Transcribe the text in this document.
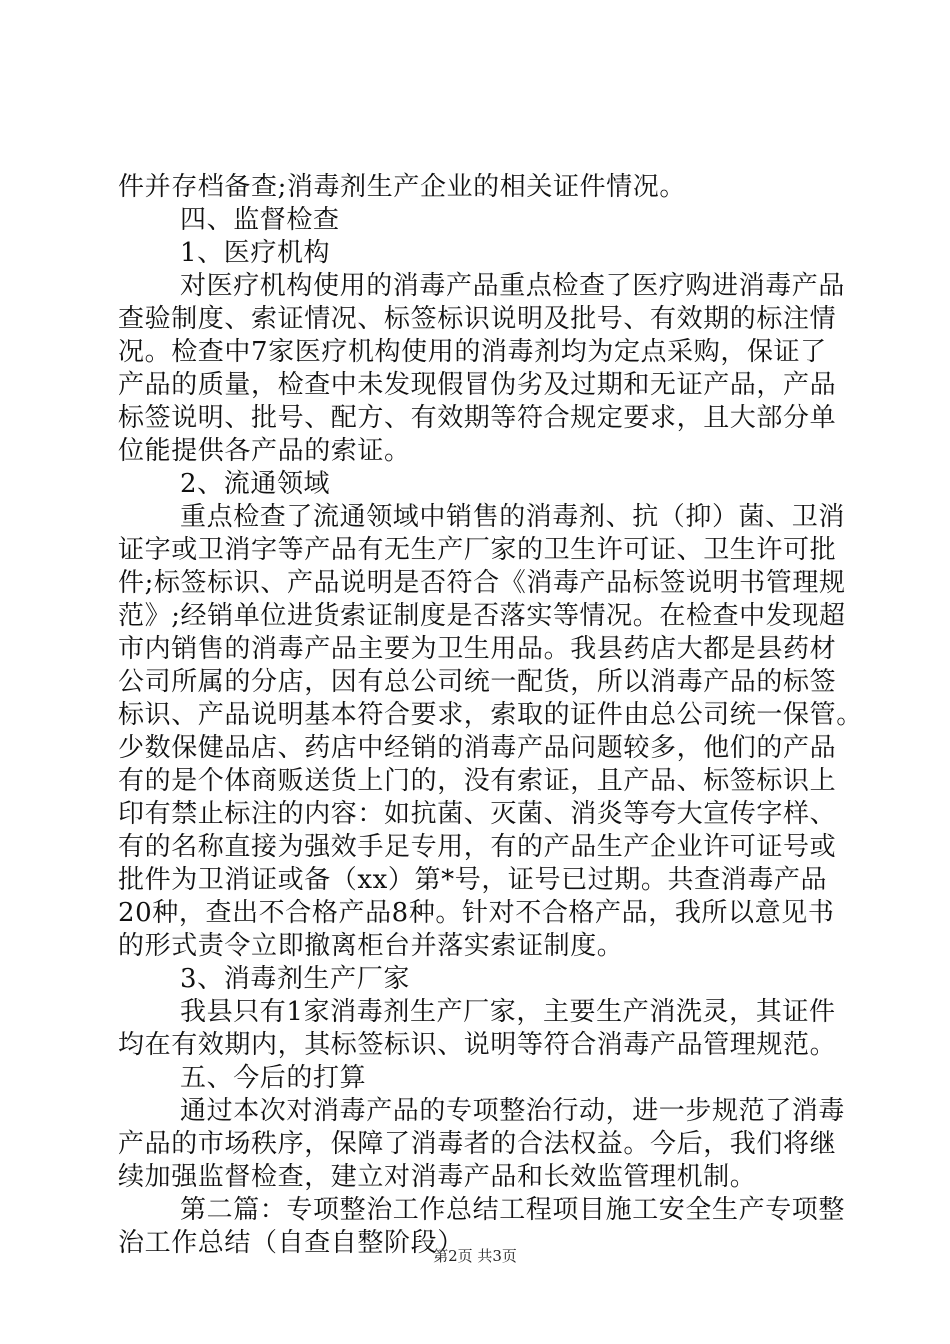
件并存档备查;消毒剂生产企业的相关证件情况。
四、监督检查
1、医疗机构
对医疗机构使用的消毒产品重点检查了医疗购进消毒产品
查验制度、索证情况、标签标识说明及批号、有效期的标注情
况。检查中7家医疗机构使用的消毒剂均为定点采购，保证了
产品的质量，检查中未发现假冒伪劣及过期和无证产品，产品
标签说明、批号、配方、有效期等符合规定要求，且大部分单
位能提供各产品的索证。
2、流通领域
重点检查了流通领域中销售的消毒剂、抗（抑）菌、卫消
证字或卫消字等产品有无生产厂家的卫生许可证、卫生许可批
件;标签标识、产品说明是否符合《消毒产品标签说明书管理规
范》;经销单位进货索证制度是否落实等情况。在检查中发现超
市内销售的消毒产品主要为卫生用品。我县药店大都是县药材
公司所属的分店，因有总公司统一配货，所以消毒产品的标签
标识、产品说明基本符合要求，索取的证件由总公司统一保管。
少数保健品店、药店中经销的消毒产品问题较多，他们的产品
有的是个体商贩送货上门的，没有索证，且产品、标签标识上
印有禁止标注的内容：如抗菌、灭菌、消炎等夸大宣传字样、
有的名称直接为强效手足专用，有的产品生产企业许可证号或
批件为卫消证或备（xx）第*号，证号已过期。共查消毒产品
20种，查出不合格产品8种。针对不合格产品，我所以意见书
的形式责令立即撤离柜台并落实索证制度。
3、消毒剂生产厂家
我县只有1家消毒剂生产厂家，主要生产消洗灵，其证件
均在有效期内，其标签标识、说明等符合消毒产品管理规范。
五、今后的打算
通过本次对消毒产品的专项整治行动，进一步规范了消毒
产品的市场秩序，保障了消毒者的合法权益。今后，我们将继
续加强监督检查，建立对消毒产品和长效监管理机制。
第二篇：专项整治工作总结工程项目施工安全生产专项整
治工作总结（自查自整阶段）
第2页 共3页
